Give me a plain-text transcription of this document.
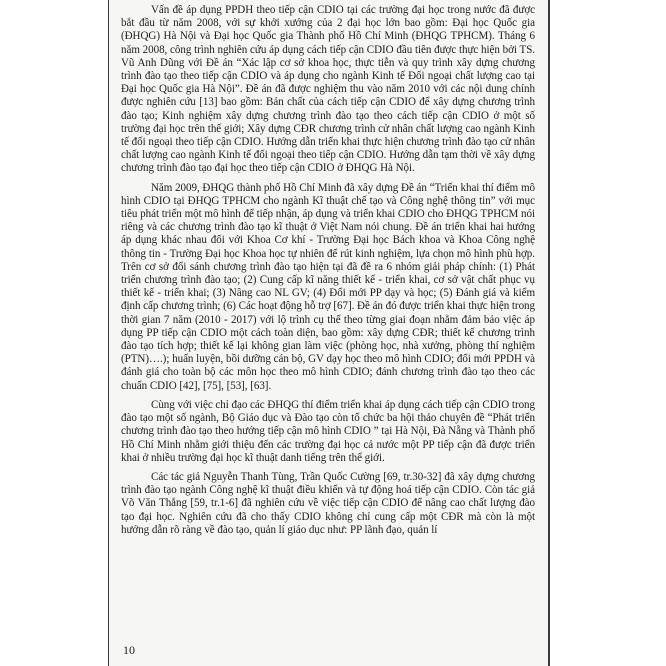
Vấn đề áp dụng PPDH theo tiếp cận CDIO tại các trường đại học trong nước đã được bắt đầu từ năm 2008, với sự khởi xướng của 2 đại học lớn bao gồm: Đại học Quốc gia (ĐHQG) Hà Nội và Đại học Quốc gia Thành phố Hồ Chí Minh (ĐHQG TPHCM). Tháng 6 năm 2008, công trình nghiên cứu áp dụng cách tiếp cận CDIO đầu tiên được thực hiện bởi TS. Vũ Anh Dũng với Đề án “Xác lập cơ sở khoa học, thực tiễn và quy trình xây dựng chương trình đào tạo theo tiếp cận CDIO và áp dụng cho ngành Kinh tế Đối ngoại chất lượng cao tại Đại học Quốc gia Hà Nội”. Đề án đã được nghiệm thu vào năm 2010 với các nội dung chính được nghiên cứu [13] bao gồm: Bản chất của cách tiếp cận CDIO để xây dựng chương trình đào tạo; Kinh nghiệm xây dựng chương trình đào tạo theo cách tiếp cận CDIO ở một số trường đại học trên thế giới; Xây dựng CĐR chương trình cử nhân chất lượng cao ngành Kinh tế đối ngoại theo tiếp cận CDIO. Hướng dẫn triển khai thực hiện chương trình đào tạo cử nhân chất lượng cao ngành Kinh tế đối ngoại theo tiếp cận CDIO. Hướng dẫn tạm thời về xây dựng chương trình đào tạo đại học theo tiếp cận CDIO ở ĐHQG Hà Nội.

Năm 2009, ĐHQG thành phố Hồ Chí Minh đã xây dựng Đề án “Triển khai thí điểm mô hình CDIO tại ĐHQG TPHCM cho ngành Kĩ thuật chế tạo và Công nghệ thông tin” với mục tiêu phát triển một mô hình để tiếp nhận, áp dụng và triển khai CDIO cho ĐHQG TPHCM nói riêng và các chương trình đào tạo kĩ thuật ở Việt Nam nói chung. Đề án triển khai hai hướng áp dụng khác nhau đối với Khoa Cơ khí - Trường Đại học Bách khoa và Khoa Công nghệ thông tin - Trường Đại học Khoa học tự nhiên để rút kinh nghiệm, lựa chọn mô hình phù hợp. Trên cơ sở đối sánh chương trình đào tạo hiện tại đã đề ra 6 nhóm giải pháp chính: (1) Phát triển chương trình đào tạo; (2) Cung cấp kĩ năng thiết kế - triển khai, cơ sở vật chất phục vụ thiết kế - triển khai; (3) Nâng cao NL GV; (4) Đổi mới PP dạy và học; (5) Đánh giá và kiểm định cấp chương trình; (6) Các hoạt động hỗ trợ [67]. Đề án đó được triển khai thực hiện trong thời gian 7 năm (2010 - 2017) với lộ trình cụ thể theo từng giai đoạn nhằm đảm bảo việc áp dụng PP tiếp cận CDIO một cách toàn diện, bao gồm: xây dựng CĐR; thiết kế chương trình đào tạo tích hợp; thiết kế lại không gian làm việc (phòng học, nhà xưởng, phòng thí nghiệm (PTN)….); huấn luyện, bồi dưỡng cán bộ, GV dạy học theo mô hình CDIO; đổi mới PPDH và đánh giá cho toàn bộ các môn học theo mô hình CDIO; đánh chương trình đào tạo theo các chuẩn CDIO [42], [75], [53], [63].

Cùng với việc chỉ đạo các ĐHQG thí điểm triển khai áp dụng cách tiếp cận CDIO trong đào tạo một số ngành, Bộ Giáo dục và Đào tạo còn tổ chức ba hội thảo chuyên đề “Phát triển chương trình đào tạo theo hướng tiếp cận mô hình CDIO ” tại Hà Nội, Đà Nẵng và Thành phố Hồ Chí Minh nhằm giới thiệu đến các trường đại học cả nước một PP tiếp cận đã được triển khai ở nhiều trường đại học kĩ thuật danh tiếng trên thế giới.

Các tác giả Nguyễn Thanh Tùng, Trần Quốc Cường [69, tr.30-32] đã xây dựng chương trình đào tạo ngành Công nghệ kĩ thuật điều khiển và tự động hoá tiếp cận CDIO. Còn tác giả Võ Văn Thắng [59, tr.1-6] đã nghiên cứu về việc tiếp cận CDIO để nâng cao chất lượng đào tạo đại học. Nghiên cứu đã cho thấy CDIO không chỉ cung cấp một CĐR mà còn là một hướng dẫn rõ ràng về đào tạo, quản lí giáo dục như: PP lãnh đạo, quản lí

10
